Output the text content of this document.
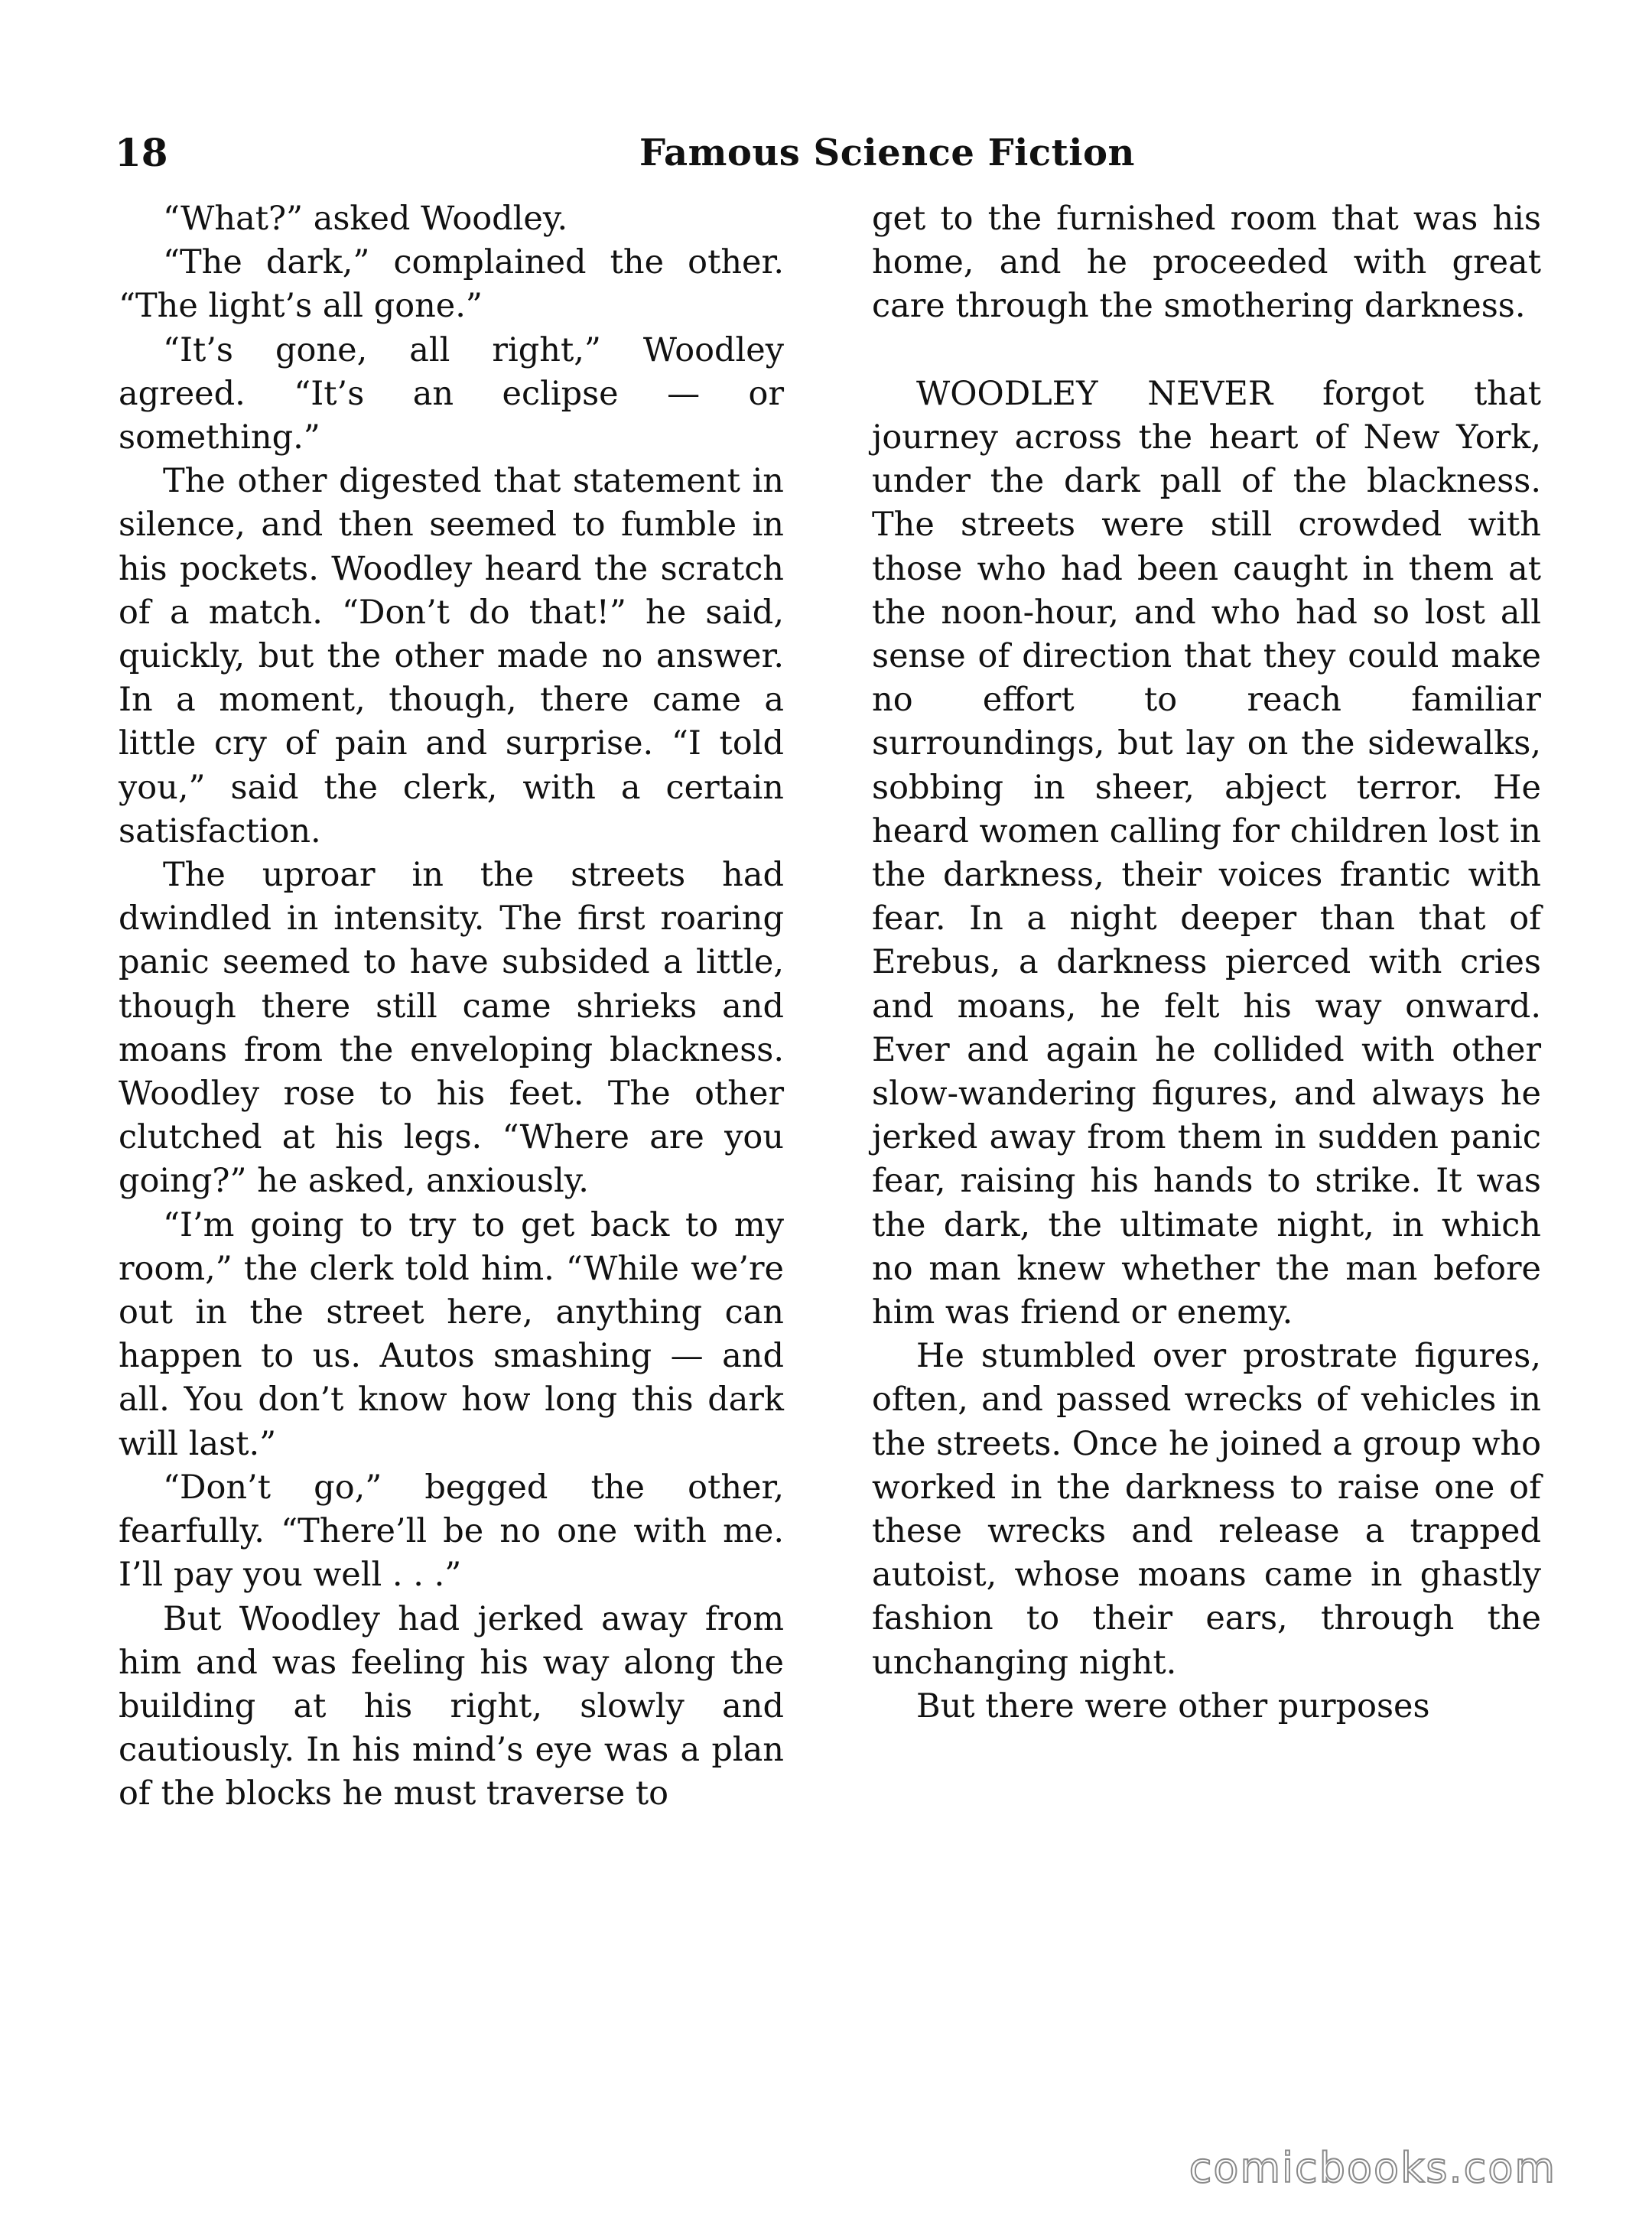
18	Famous Science Fiction

“What?” asked Woodley.

“The dark,” complained the other. “The light’s all gone.”

“It’s gone, all right,” Woodley agreed. “It’s an eclipse — or something.”

The other digested that statement in silence, and then seemed to fumble in his pockets. Woodley heard the scratch of a match. “Don’t do that!” he said, quickly, but the other made no answer. In a moment, though, there came a little cry of pain and surprise. “I told you,” said the clerk, with a certain satisfaction.

The uproar in the streets had dwindled in intensity. The first roaring panic seemed to have subsided a little, though there still came shrieks and moans from the enveloping blackness. Woodley rose to his feet. The other clutched at his legs. “Where are you going?” he asked, anxiously.

“I’m going to try to get back to my room,” the clerk told him. “While we’re out in the street here, anything can happen to us. Autos smashing — and all. You don’t know how long this dark will last.”

“Don’t go,” begged the other, fearfully. “There’ll be no one with me. I’ll pay you well . . .”

But Woodley had jerked away from him and was feeling his way along the building at his right, slowly and cautiously. In his mind’s eye was a plan of the blocks he must traverse to

get to the furnished room that was his home, and he proceeded with great care through the smothering darkness.

WOODLEY NEVER forgot that journey across the heart of New York, under the dark pall of the blackness. The streets were still crowded with those who had been caught in them at the noon-hour, and who had so lost all sense of direction that they could make no effort to reach familiar surroundings, but lay on the sidewalks, sobbing in sheer, abject terror. He heard women calling for children lost in the darkness, their voices frantic with fear. In a night deeper than that of Erebus, a darkness pierced with cries and moans, he felt his way onward. Ever and again he collided with other slow-wandering figures, and always he jerked away from them in sudden panic fear, raising his hands to strike. It was the dark, the ultimate night, in which no man knew whether the man before him was friend or enemy.

He stumbled over prostrate figures, often, and passed wrecks of vehicles in the streets. Once he joined a group who worked in the darkness to raise one of these wrecks and release a trapped autoist, whose moans came in ghastly fashion to their ears, through the unchanging night.

But there were other purposes

comicbooks.com
